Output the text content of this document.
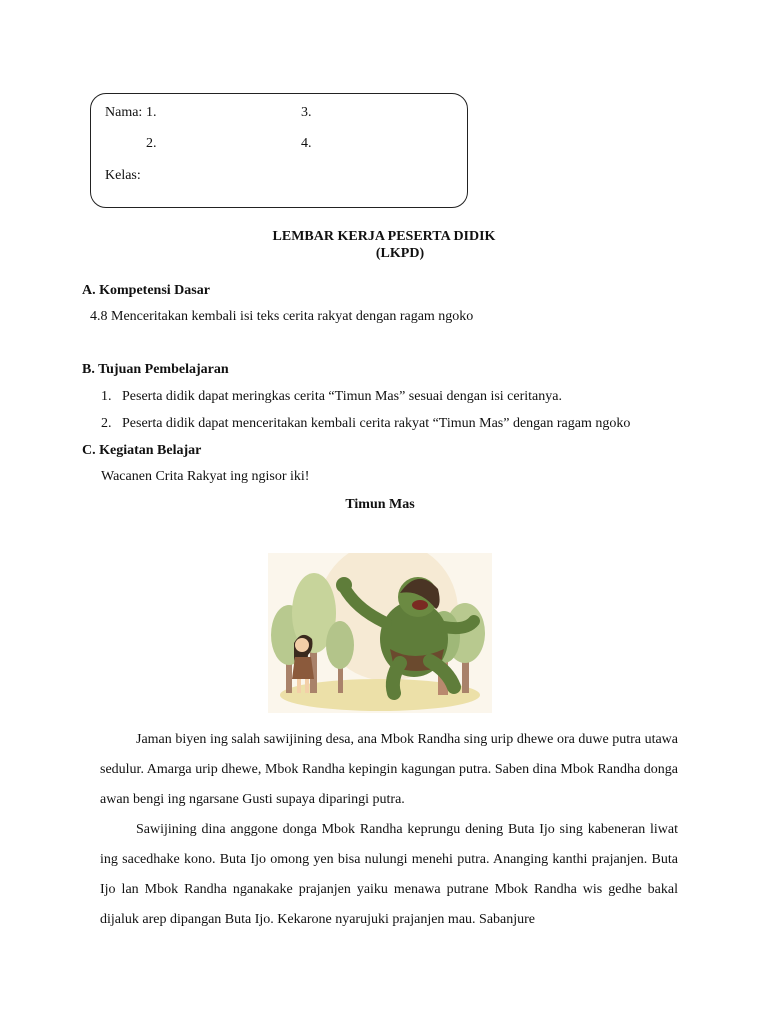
Nama: 1.	3.
2.	4.
Kelas:
LEMBAR KERJA PESERTA DIDIK
(LKPD)
A. Kompetensi Dasar
4.8 Menceritakan kembali isi teks cerita rakyat dengan ragam ngoko
B. Tujuan Pembelajaran
1. Peserta didik dapat meringkas cerita “Timun Mas” sesuai dengan isi ceritanya.
2. Peserta didik dapat menceritakan kembali cerita rakyat “Timun Mas” dengan ragam ngoko
C. Kegiatan Belajar
Wacanen Crita Rakyat ing ngisor iki!
Timun Mas

Jaman biyen ing salah sawijining desa, ana Mbok Randha sing urip dhewe ora duwe putra utawa sedulur. Amarga urip dhewe, Mbok Randha kepingin kagungan putra. Saben dina Mbok Randha donga awan bengi ing ngarsane Gusti supaya diparingi putra.

Sawijining dina anggone donga Mbok Randha keprungu dening Buta Ijo sing kabeneran liwat ing sacedhake kono. Buta Ijo omong yen bisa nulungi menehi putra. Ananging kanthi prajanjen. Buta Ijo lan Mbok Randha nganakake prajanjen yaiku menawa putrane Mbok Randha wis gedhe bakal dijaluk arep dipangan Buta Ijo. Kekarone nyarujuki prajanjen mau. Sabanjure
